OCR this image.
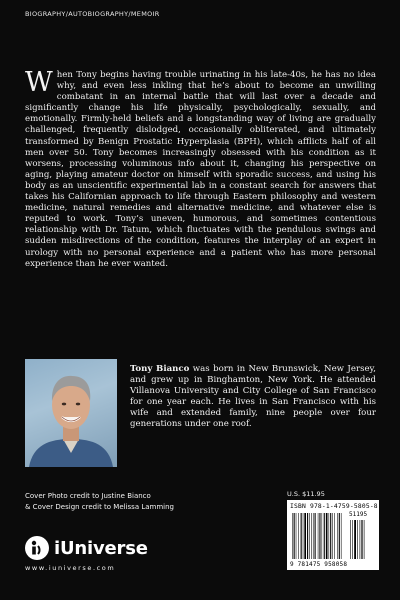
BIOGRAPHY/AUTOBIOGRAPHY/MEMOIR

When Tony begins having trouble urinating in his late-40s, he has no idea why, and even less inkling that he’s about to become an unwilling combatant in an internal battle that will last over a decade and significantly change his life physically, psychologically, sexually, and emotionally. Firmly-held beliefs and a longstanding way of living are gradually challenged, frequently dislodged, occasionally obliterated, and ultimately transformed by Benign Prostatic Hyperplasia (BPH), which afflicts half of all men over 50. Tony becomes increasingly obsessed with his condition as it worsens, processing voluminous info about it, changing his perspective on aging, playing amateur doctor on himself with sporadic success, and using his body as an unscientific experimental lab in a constant search for answers that takes his Californian approach to life through Eastern philosophy and western medicine, natural remedies and alternative medicine, and whatever else is reputed to work. Tony’s uneven, humorous, and sometimes contentious relationship with Dr. Tatum, which fluctuates with the pendulous swings and sudden misdirections of the condition, features the interplay of an expert in urology with no personal experience and a patient who has more personal experience than he ever wanted.

Tony Bianco was born in New Brunswick, New Jersey, and grew up in Binghamton, New York. He attended Villanova University and City College of San Francisco for one year each. He lives in San Francisco with his wife and extended family, nine people over four generations under one roof.

Cover Photo credit to Justine Bianco
& Cover Design credit to Melissa Lamming
U.S. $11.95
ISBN 978-1-4759-5805-8
51195
9 781475 958058
iUniverse
www.iuniverse.com
